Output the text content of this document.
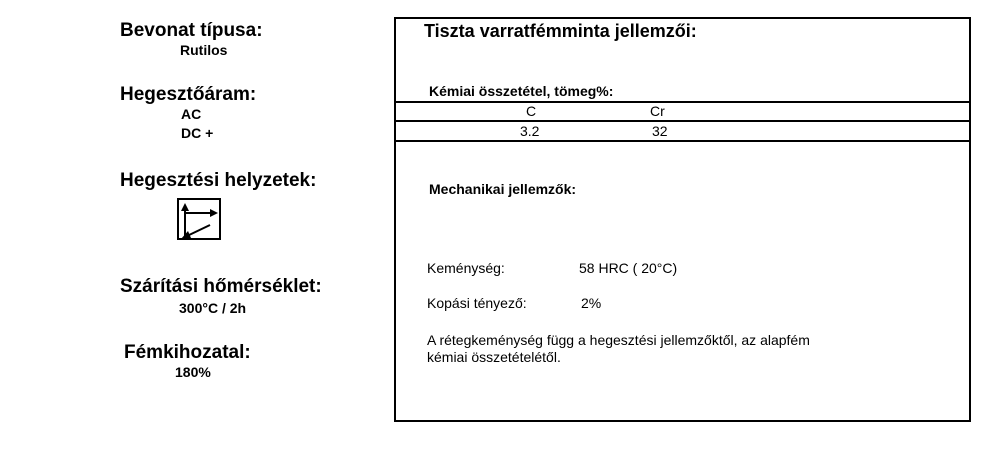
Bevonat típusa:
Rutilos
Hegesztőáram:
AC
DC +
Hegesztési helyzetek:
Szárítási hőmérséklet:
300°C / 2h
Fémkihozatal:
180%
Tiszta varratfémminta jellemzői:
Kémiai összetétel, tömeg%:
C	Cr
3.2	32
Mechanikai jellemzők:
Keménység:	58 HRC ( 20°C)
Kopási tényező:	2%
A rétegkeménység függ a hegesztési jellemzőktől, az alapfém
kémiai összetételétől.
